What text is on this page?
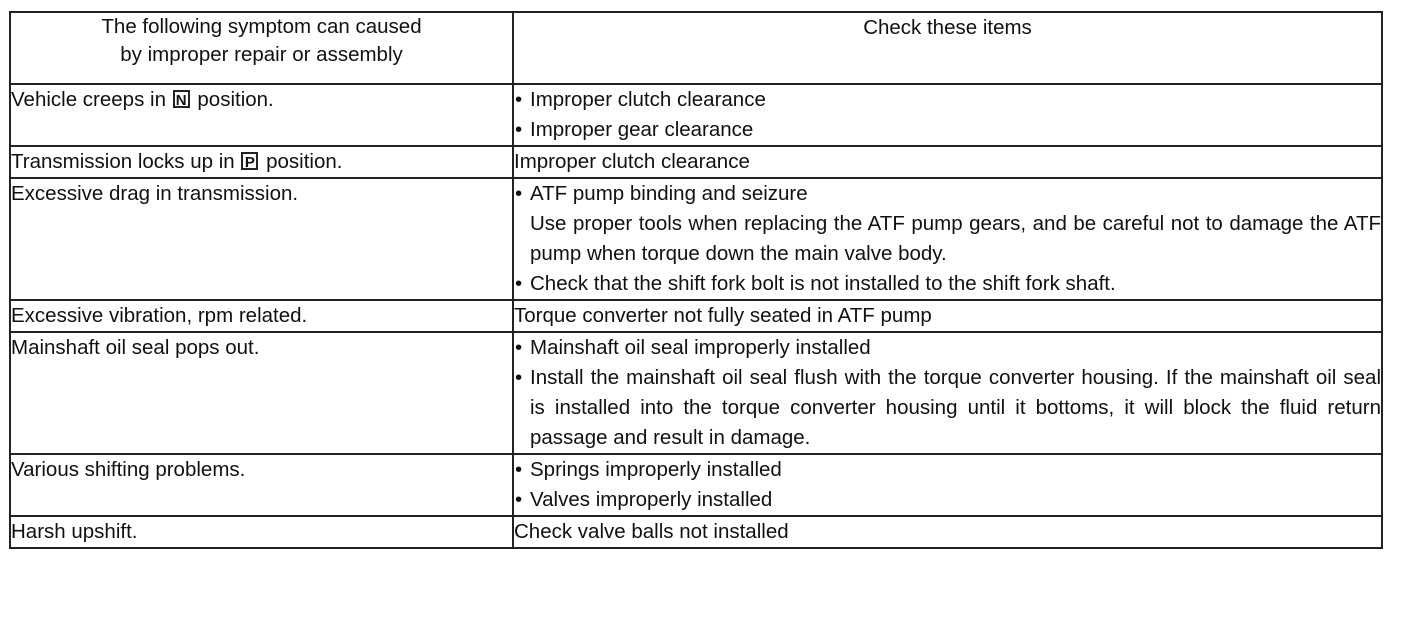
The following symptom can caused
by improper repair or assembly	Check these items
Vehicle creeps in N position.	• Improper clutch clearance
• Improper gear clearance

Transmission locks up in P position.	Improper clutch clearance

Excessive drag in transmission.	• ATF pump binding and seizure
Use proper tools when replacing the ATF pump gears, and be careful not to damage the ATF pump when torque down the main valve body.
• Check that the shift fork bolt is not installed to the shift fork shaft.

Excessive vibration, rpm related.	Torque converter not fully seated in ATF pump

Mainshaft oil seal pops out.	• Mainshaft oil seal improperly installed
• Install the mainshaft oil seal flush with the torque converter housing. If the mainshaft oil seal is installed into the torque converter housing until it bottoms, it will block the fluid return passage and result in damage.

Various shifting problems.	• Springs improperly installed
• Valves improperly installed

Harsh upshift.	Check valve balls not installed
